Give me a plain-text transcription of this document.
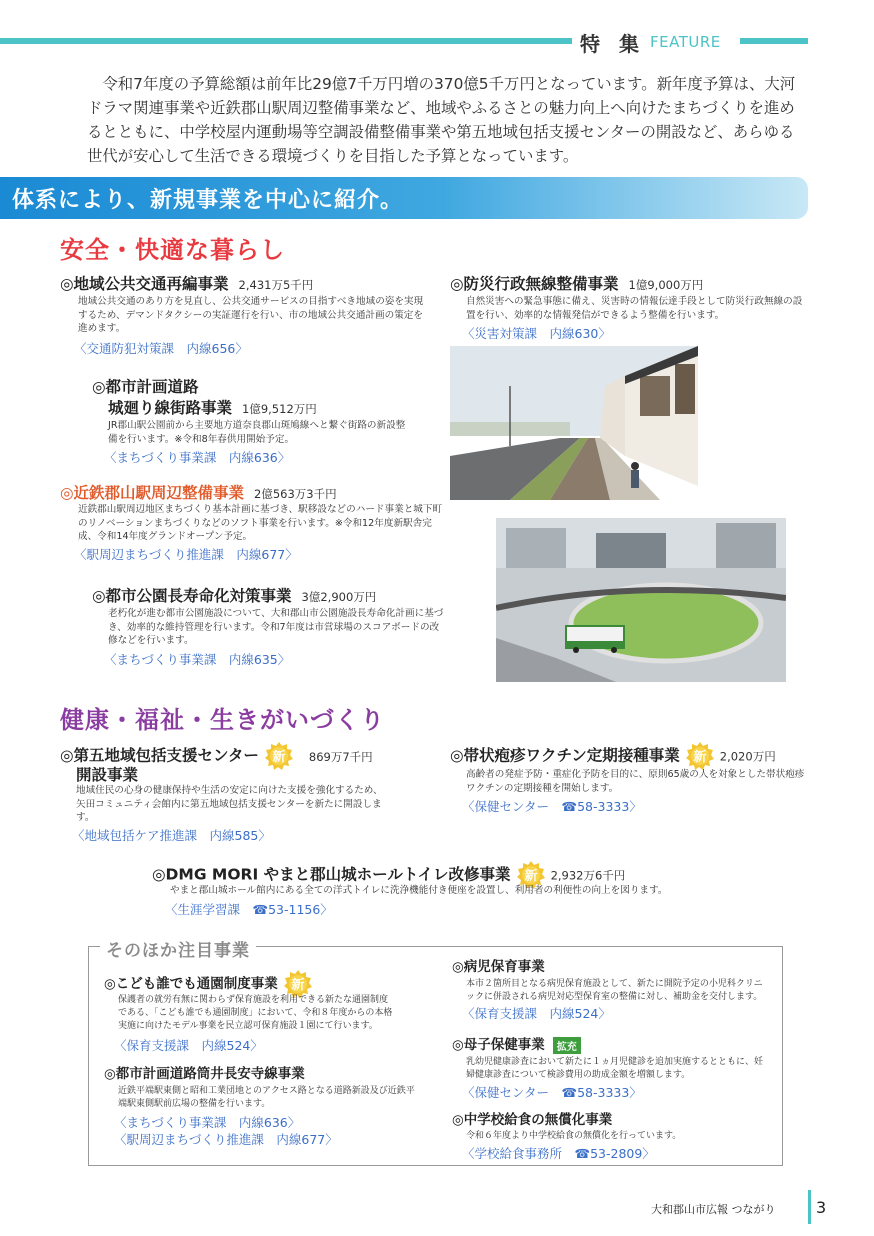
特 集 FEATURE
令和7年度の予算総額は前年比29億7千万円増の370億5千万円となっています。新年度予算は、大河ドラマ関連事業や近鉄郡山駅周辺整備事業など、地域やふるさとの魅力向上へ向けたまちづくりを進めるとともに、中学校屋内運動場等空調設備整備事業や第五地域包括支援センターの開設など、あらゆる世代が安心して生活できる環境づくりを目指した予算となっています。
体系により、新規事業を中心に紹介。
安全・快適な暮らし
◎地域公共交通再編事業 2,431万5千円
地域公共交通のあり方を見直し、公共交通サービスの目指すべき地域の姿を実現するため、デマンドタクシーの実証運行を行い、市の地域公共交通計画の策定を進めます。
〈交通防犯対策課　内線656〉
◎都市計画道路
城廻り線街路事業 1億9,512万円
JR郡山駅公園前から主要地方道奈良郡山斑鳩線へと繋ぐ街路の新設整備を行います。※令和8年春供用開始予定。
〈まちづくり事業課　内線636〉
◎近鉄郡山駅周辺整備事業 2億563万3千円
近鉄郡山駅周辺地区まちづくり基本計画に基づき、駅移設などのハード事業と城下町のリノベーションまちづくりなどのソフト事業を行います。※令和12年度新駅舎完成、令和14年度グランドオープン予定。
〈駅周辺まちづくり推進課　内線677〉
◎都市公園長寿命化対策事業 3億2,900万円
老朽化が進む都市公園施設について、大和郡山市公園施設長寿命化計画に基づき、効率的な維持管理を行います。令和7年度は市営球場のスコアボードの改修などを行います。
〈まちづくり事業課　内線635〉
◎防災行政無線整備事業 1億9,000万円
自然災害への緊急事態に備え、災害時の情報伝達手段として防災行政無線の設置を行い、効率的な情報発信ができるよう整備を行います。
〈災害対策課　内線630〉
健康・福祉・生きがいづくり
◎第五地域包括支援センター 新 869万7千円
開設事業
地域住民の心身の健康保持や生活の安定に向けた支援を強化するため、矢田コミュニティ会館内に第五地域包括支援センターを新たに開設します。
〈地域包括ケア推進課　内線585〉
◎帯状疱疹ワクチン定期接種事業 新 2,020万円
高齢者の発症予防・重症化予防を目的に、原則65歳の人を対象とした帯状疱疹ワクチンの定期接種を開始します。
〈保健センター　☎58-3333〉
◎DMG MORI やまと郡山城ホールトイレ改修事業 新 2,932万6千円
やまと郡山城ホール館内にある全ての洋式トイレに洗浄機能付き便座を設置し、利用者の利便性の向上を図ります。
〈生涯学習課　☎53-1156〉
そのほか注目事業
◎こども誰でも通園制度事業 新
保護者の就労有無に関わらず保育施設を利用できる新たな通園制度である、「こども誰でも通園制度」において、令和８年度からの本格実施に向けたモデル事業を民立認可保育施設１園にて行います。
〈保育支援課　内線524〉
◎都市計画道路筒井長安寺線事業
近鉄平端駅東側と昭和工業団地とのアクセス路となる道路新設及び近鉄平端駅東側駅前広場の整備を行います。
〈まちづくり事業課　内線636〉
〈駅周辺まちづくり推進課　内線677〉
◎病児保育事業
本市２箇所目となる病児保育施設として、新たに開院予定の小児科クリニックに併設される病児対応型保育室の整備に対し、補助金を交付します。
〈保育支援課　内線524〉
◎母子保健事業 拡充
乳幼児健康診査において新たに１ヵ月児健診を追加実施するとともに、妊婦健康診査について検診費用の助成金額を増額します。
〈保健センター　☎58-3333〉
◎中学校給食の無償化事業
令和６年度より中学校給食の無償化を行っています。
〈学校給食事務所　☎53-2809〉
大和郡山市広報 つながり	3
